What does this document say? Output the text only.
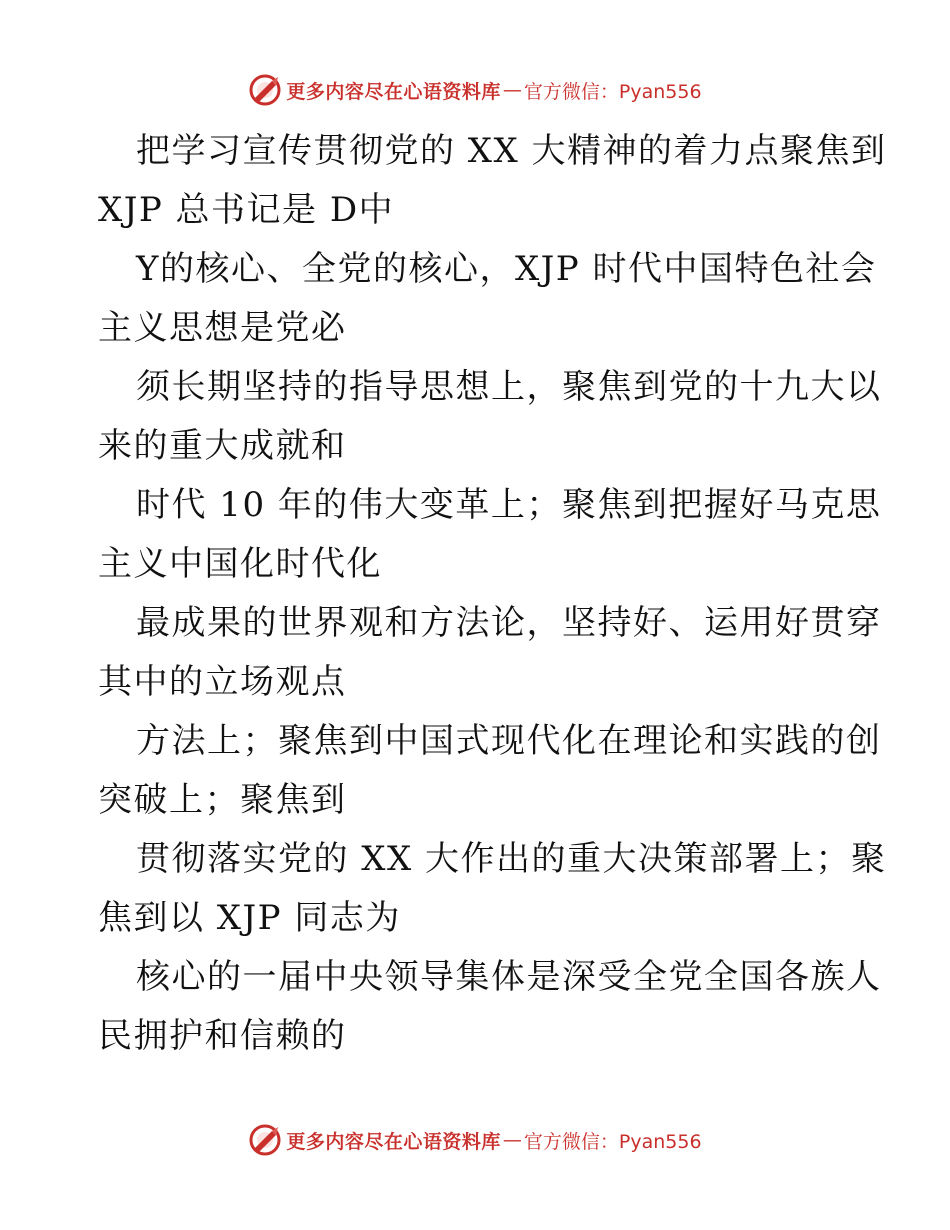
更多内容尽在心语资料库 — 官方微信：Pyan556
把学习宣传贯彻党的 XX 大精神的着力点聚焦到
XJP 总书记是 D中
Y的核心、全党的核心，XJP 时代中国特色社会
主义思想是党必
须长期坚持的指导思想上，聚焦到党的十九大以
来的重大成就和
时代 10 年的伟大变革上；聚焦到把握好马克思
主义中国化时代化
最成果的世界观和方法论，坚持好、运用好贯穿
其中的立场观点
方法上；聚焦到中国式现代化在理论和实践的创
突破上；聚焦到
贯彻落实党的 XX 大作出的重大决策部署上；聚
焦到以 XJP 同志为
核心的一届中央领导集体是深受全党全国各族人
民拥护和信赖的
更多内容尽在心语资料库 — 官方微信：Pyan556
